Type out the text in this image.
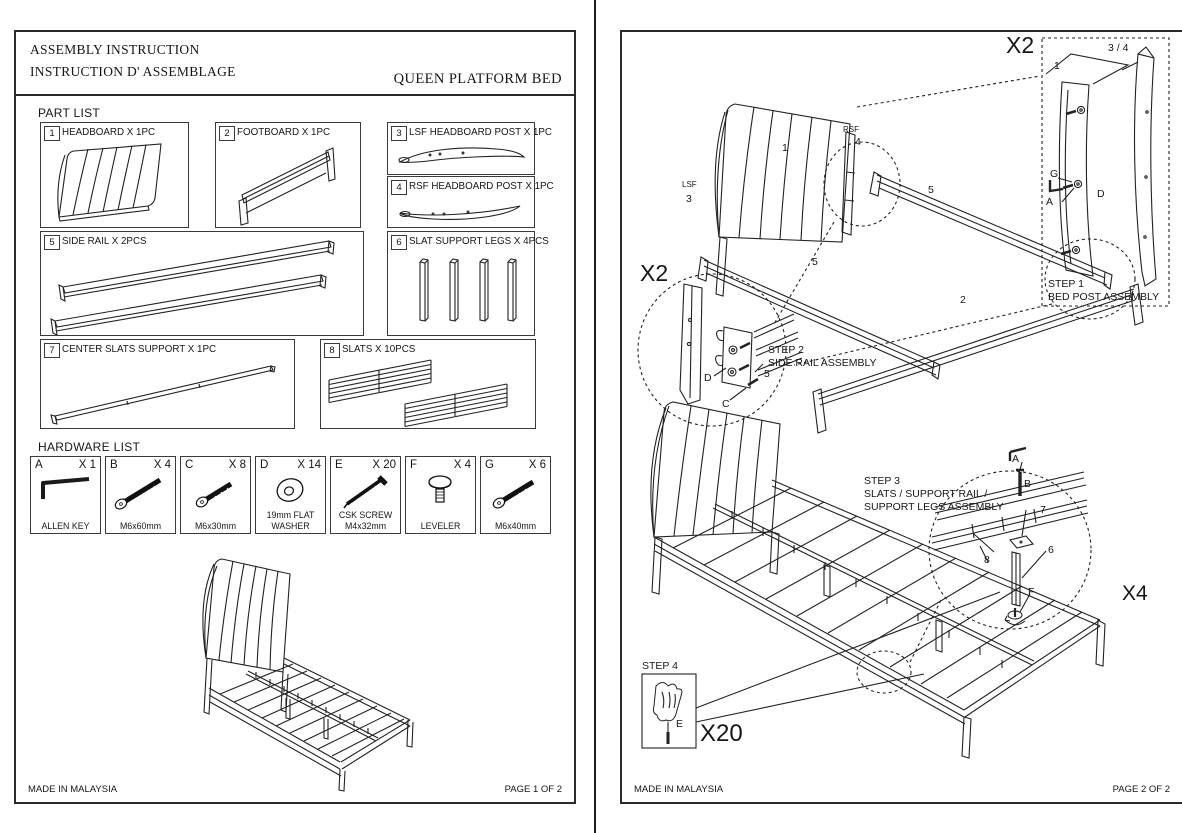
ASSEMBLY INSTRUCTION
INSTRUCTION D' ASSEMBLAGE	QUEEN PLATFORM BED
PART LIST
1 HEADBOARD X 1PC	2 FOOTBOARD X 1PC	3 LSF HEADBOARD POST X 1PC
4 RSF HEADBOARD POST X 1PC
5 SIDE RAIL X 2PCS	6 SLAT SUPPORT LEGS X 4PCS
7 CENTER SLATS SUPPORT X 1PC	8 SLATS X 10PCS
HARDWARE LIST
A	X 1
ALLEN KEY
B	X 4
M6x60mm
C	X 8
M6x30mm
D	X 14
19mm FLAT WASHER
E	X 20
CSK SCREW M4x32mm
F	X 4
LEVELER
G	X 6
M6x40mm
MADE IN MALAYSIA	PAGE 1 OF 2
X2	3 / 4
1
G
A
D
STEP 1
BED POST ASSEMBLY
1
RSF
4
LSF
3
5
5
2
X2
D
C
5
STEP 2
SIDE RAIL ASSEMBLY
STEP 3
SLATS / SUPPORT RAIL /
SUPPORT LEGS ASSEMBLY
A
B
7
8
6
F	X4
STEP 4
E X20
MADE IN MALAYSIA	PAGE 2 OF 2
